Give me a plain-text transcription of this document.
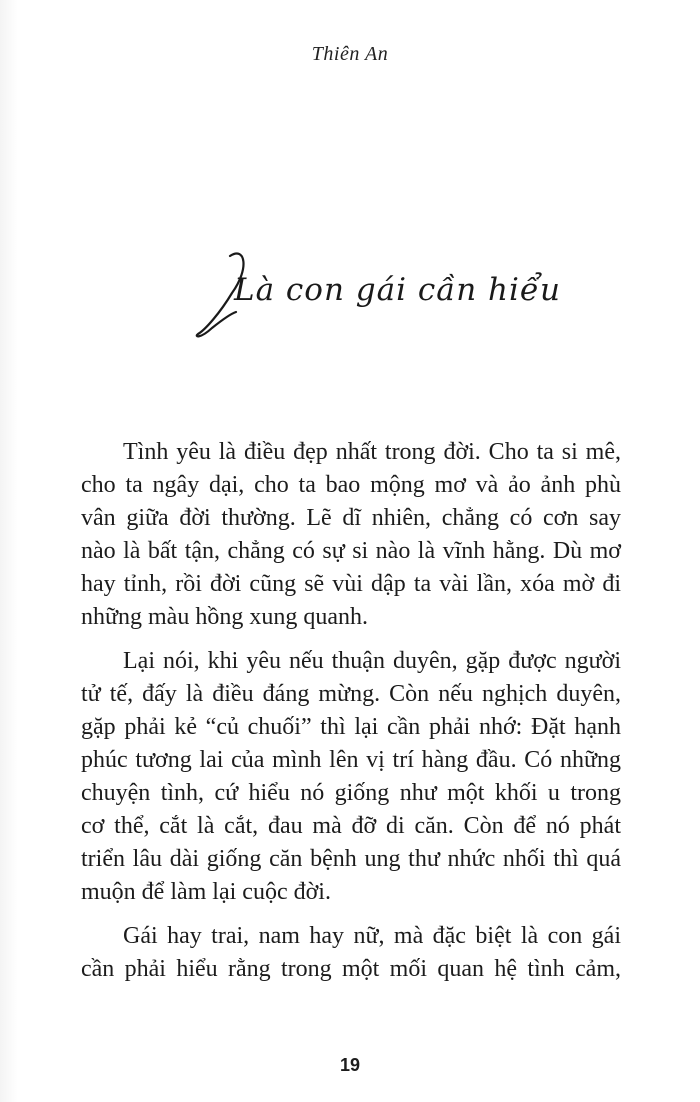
Thiên An
Là con gái cần hiểu
Tình yêu là điều đẹp nhất trong đời. Cho ta si mê,
cho ta ngây dại, cho ta bao mộng mơ và ảo ảnh phù
vân giữa đời thường. Lẽ dĩ nhiên, chẳng có cơn say
nào là bất tận, chẳng có sự si nào là vĩnh hằng. Dù mơ
hay tỉnh, rồi đời cũng sẽ vùi dập ta vài lần, xóa mờ đi
những màu hồng xung quanh.
Lại nói, khi yêu nếu thuận duyên, gặp được người
tử tế, đấy là điều đáng mừng. Còn nếu nghịch duyên,
gặp phải kẻ “củ chuối” thì lại cần phải nhớ: Đặt hạnh
phúc tương lai của mình lên vị trí hàng đầu. Có những
chuyện tình, cứ hiểu nó giống như một khối u trong
cơ thể, cắt là cắt, đau mà đỡ di căn. Còn để nó phát
triển lâu dài giống căn bệnh ung thư nhức nhối thì quá
muộn để làm lại cuộc đời.
Gái hay trai, nam hay nữ, mà đặc biệt là con gái
cần phải hiểu rằng trong một mối quan hệ tình cảm,
19
